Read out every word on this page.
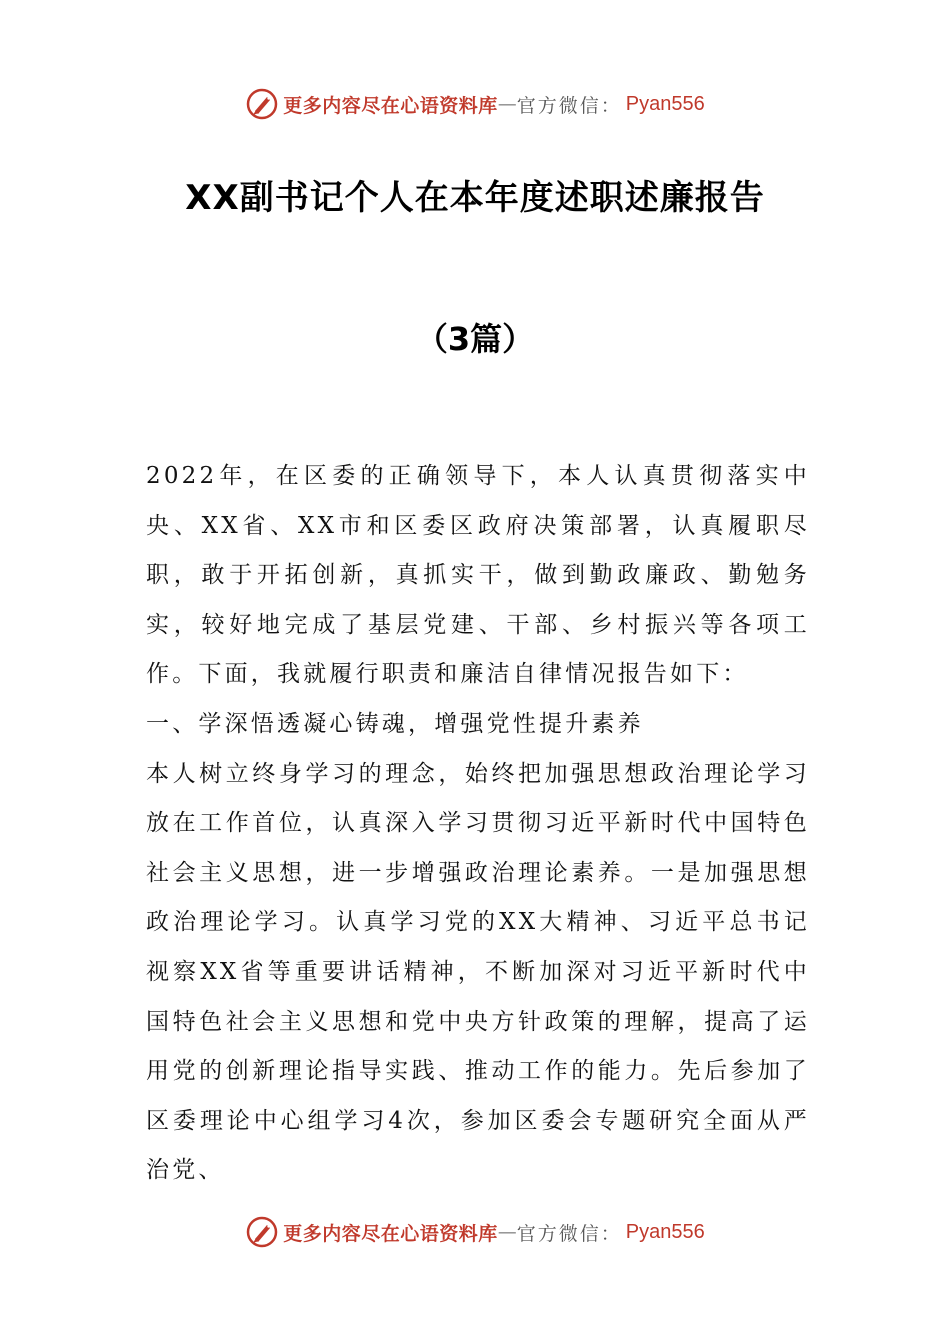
更多内容尽在心语资料库 — 官方微信： Pyan556
XX副书记个人在本年度述职述廉报告
（3篇）

2022年，在区委的正确领导下，本人认真贯彻落实中央、XX省、XX市和区委区政府决策部署，认真履职尽职，敢于开拓创新，真抓实干，做到勤政廉政、勤勉务实，较好地完成了基层党建、干部、乡村振兴等各项工作。下面，我就履行职责和廉洁自律情况报告如下：

一、学深悟透凝心铸魂，增强党性提升素养

本人树立终身学习的理念，始终把加强思想政治理论学习放在工作首位，认真深入学习贯彻习近平新时代中国特色社会主义思想，进一步增强政治理论素养。一是加强思想政治理论学习。认真学习党的XX大精神、习近平总书记视察XX省等重要讲话精神，不断加深对习近平新时代中国特色社会主义思想和党中央方针政策的理解，提高了运用党的创新理论指导实践、推动工作的能力。先后参加了区委理论中心组学习4次，参加区委会专题研究全面从严治党、

更多内容尽在心语资料库 — 官方微信： Pyan556
